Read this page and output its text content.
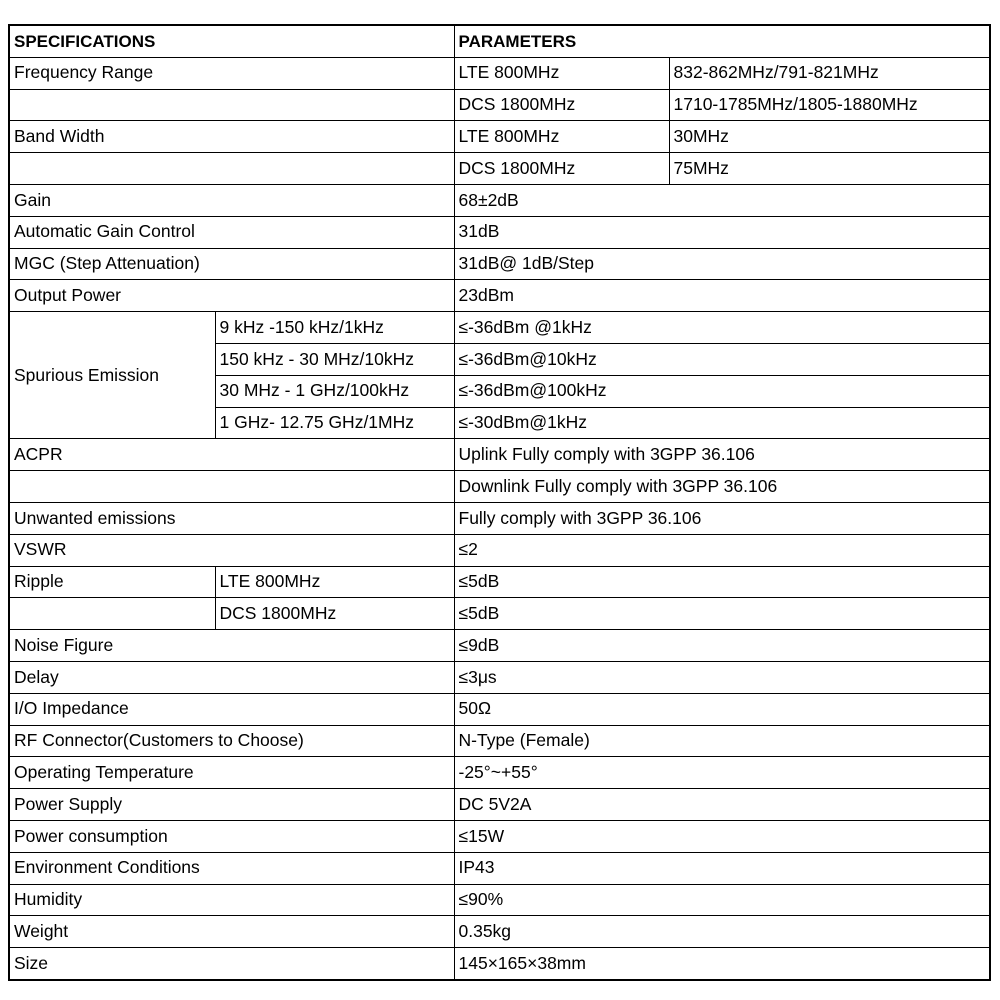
SPECIFICATIONS		PARAMETERS	
Frequency Range		LTE 800MHz	832-862MHz/791-821MHz
		DCS 1800MHz	1710-1785MHz/1805-1880MHz
Band Width		LTE 800MHz	30MHz
		DCS 1800MHz	75MHz
Gain		68±2dB	
Automatic Gain Control		31dB	
MGC (Step Attenuation)		31dB@ 1dB/Step	
Output Power		23dBm	
Spurious Emission	9 kHz -150 kHz/1kHz	≤-36dBm @1kHz	
	150 kHz - 30 MHz/10kHz	≤-36dBm@10kHz	
	30 MHz - 1 GHz/100kHz	≤-36dBm@100kHz	
	1 GHz- 12.75 GHz/1MHz	≤-30dBm@1kHz	
ACPR		Uplink Fully comply with 3GPP 36.106	
		Downlink Fully comply with 3GPP 36.106	
Unwanted emissions		Fully comply with 3GPP 36.106	
VSWR		≤2	
Ripple	LTE 800MHz	≤5dB	
	DCS 1800MHz	≤5dB	
Noise Figure		≤9dB	
Delay		≤3μs	
I/O Impedance		50Ω	
RF Connector(Customers to Choose)		N-Type (Female)	
Operating Temperature		-25°~+55°	
Power Supply		DC 5V2A	
Power consumption		≤15W	
Environment Conditions		IP43	
Humidity		≤90%	
Weight		0.35kg	
Size		145×165×38mm	
